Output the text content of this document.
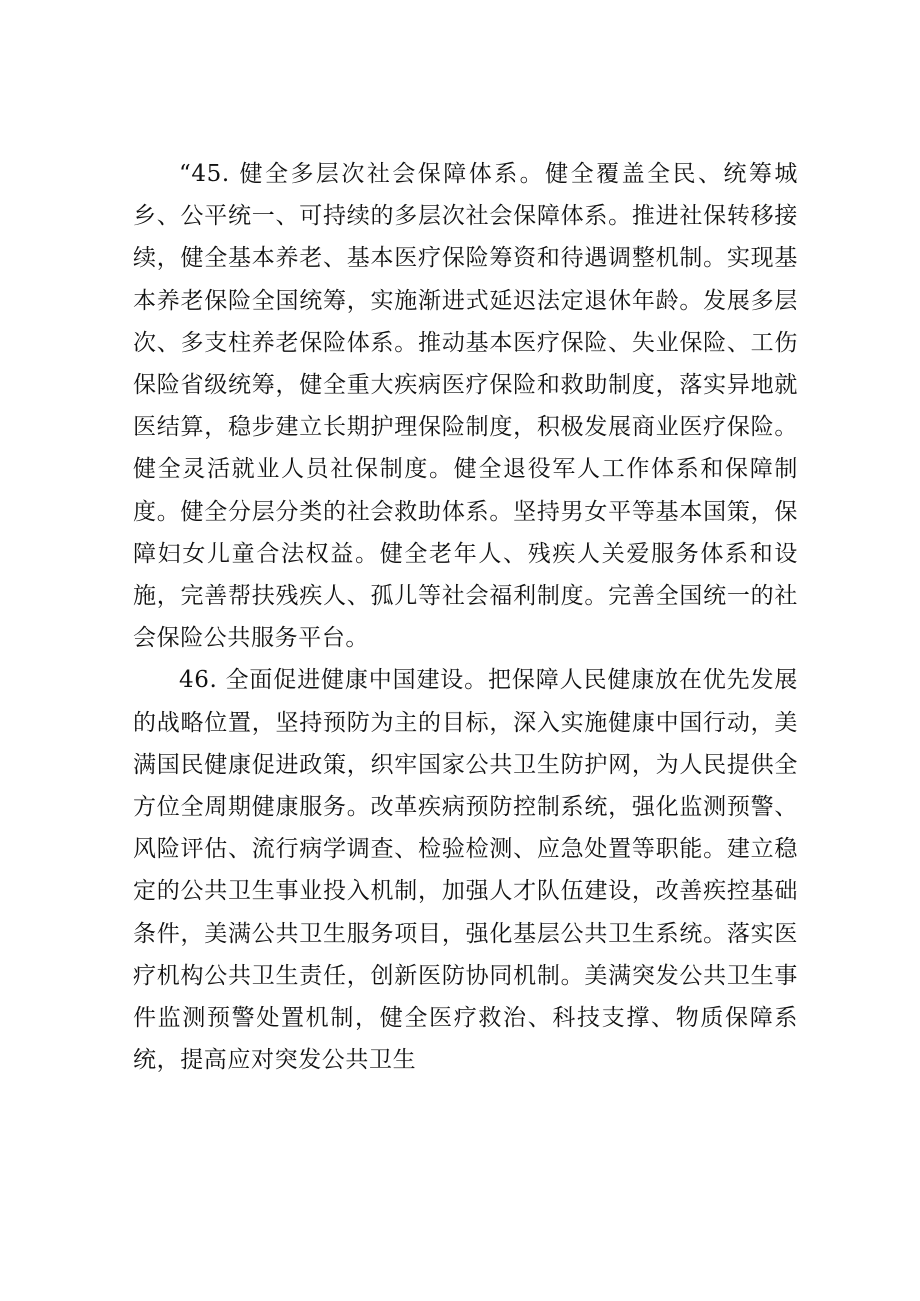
“45. 健全多层次社会保障体系。健全覆盖全民、统筹城乡、公平统一、可持续的多层次社会保障体系。推进社保转移接续，健全基本养老、基本医疗保险筹资和待遇调整机制。实现基本养老保险全国统筹，实施渐进式延迟法定退休年龄。发展多层次、多支柱养老保险体系。推动基本医疗保险、失业保险、工伤保险省级统筹，健全重大疾病医疗保险和救助制度，落实异地就医结算，稳步建立长期护理保险制度，积极发展商业医疗保险。健全灵活就业人员社保制度。健全退役军人工作体系和保障制度。健全分层分类的社会救助体系。坚持男女平等基本国策，保障妇女儿童合法权益。健全老年人、残疾人关爱服务体系和设施，完善帮扶残疾人、孤儿等社会福利制度。完善全国统一的社会保险公共服务平台。

46. 全面促进健康中国建设。把保障人民健康放在优先发展的战略位置，坚持预防为主的目标，深入实施健康中国行动，美满国民健康促进政策，织牢国家公共卫生防护网，为人民提供全方位全周期健康服务。改革疾病预防控制系统，强化监测预警、风险评估、流行病学调查、检验检测、应急处置等职能。建立稳定的公共卫生事业投入机制，加强人才队伍建设，改善疾控基础条件，美满公共卫生服务项目，强化基层公共卫生系统。落实医疗机构公共卫生责任，创新医防协同机制。美满突发公共卫生事件监测预警处置机制，健全医疗救治、科技支撑、物质保障系统，提高应对突发公共卫生
